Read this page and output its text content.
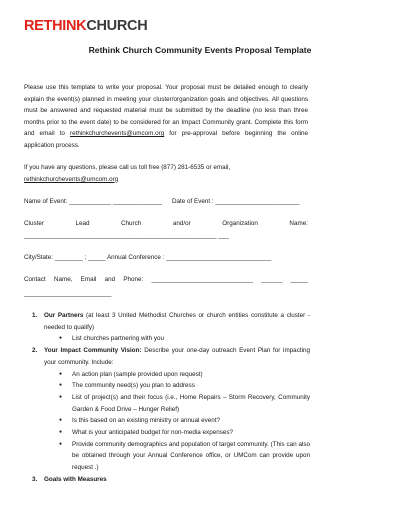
RETHINKCHURCH
Rethink Church Community Events Proposal Template
Please use this template to write your proposal. Your proposal must be detailed enough to clearly explain the event(s) planned in meeting your cluster/organization goals and objectives. All questions must be answered and requested material must be submitted by the deadline (no less than three months prior to the event date) to be considered for an Impact Community grant. Complete this form and email to rethinkchurchevents@umcom.org for pre-approval before beginning the online application process.
If you have any questions, please call us toll free (877) 281-6535 or email,
rethinkchurchevents@umcom.org
Name of Event: ____________ ______________ Date of Event : ________________________
Cluster	Lead	Church	and/or	Organization	Name:
_______________________________________________________ ___
City/State: ________ ; _____ Annual Conference : ______________________________
Contact Name, Email and Phone: _____________________________ ______ _____
_________________________
1. Our Partners (at least 3 United Methodist Churches or church entities constitute a cluster - needed to qualify)
● List churches partnering with you
2. Your Impact Community Vision: Describe your one-day outreach Event Plan for impacting your community. Include:
● An action plan (sample provided upon request)
● The community need(s) you plan to address
● List of project(s) and their focus (i.e., Home Repairs – Storm Recovery, Community Garden & Food Drive – Hunger Relief)
● Is this based on an existing ministry or annual event?
● What is your anticipated budget for non-media expenses?
● Provide community demographics and population of target community. (This can also be obtained through your Annual Conference office, or UMCom can provide upon request .)
3. Goals with Measures
